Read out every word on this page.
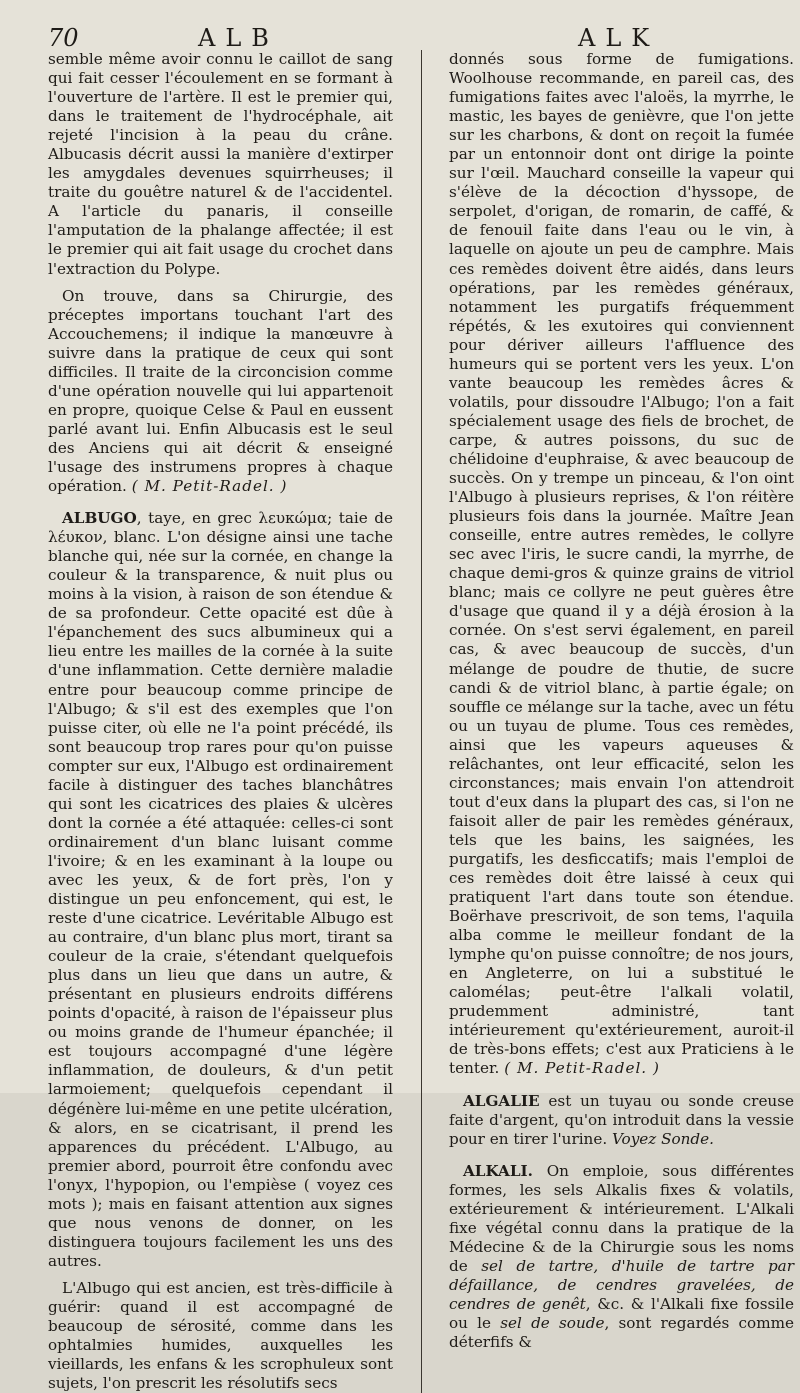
70	ALB	ALK

semble même avoir connu le caillot de sang qui fait cesser l'écoulement en se formant à l'ouverture de l'artère. Il est le premier qui, dans le traitement de l'hydrocéphale, ait rejeté l'incision à la peau du crâne. Albucasis décrit aussi la manière d'extirper les amygdales devenues squirrheuses; il traite du gouêtre naturel & de l'accidentel. A l'article du panaris, il conseille l'amputation de la phalange affectée; il est le premier qui ait fait usage du crochet dans l'extraction du Polype.

On trouve, dans sa Chirurgie, des préceptes importans touchant l'art des Accouchemens; il indique la manœuvre à suivre dans la pratique de ceux qui sont difficiles. Il traite de la circoncision comme d'une opération nouvelle qui lui appartenoit en propre, quoique Celse & Paul en eussent parlé avant lui. Enfin Albucasis est le seul des Anciens qui ait décrit & enseigné l'usage des instrumens propres à chaque opération. ( M. Petit-Radel. )

ALBUGO, taye, en grec λευκώμα; taie de λέυκον, blanc. L'on désigne ainsi une tache blanche qui, née sur la cornée, en change la couleur & la transparence, & nuit plus ou moins à la vision, à raison de son étendue & de sa profondeur. Cette opacité est dûe à l'épanchement des sucs albumineux qui a lieu entre les mailles de la cornée à la suite d'une inflammation. Cette dernière maladie entre pour beaucoup comme principe de l'Albugo; & s'il est des exemples que l'on puisse citer, où elle ne l'a point précédé, ils sont beaucoup trop rares pour qu'on puisse compter sur eux, l'Albugo est ordinairement facile à distinguer des taches blanchâtres qui sont les cicatrices des plaies & ulcères dont la cornée a été attaquée: celles-ci sont ordinairement d'un blanc luisant comme l'ivoire; & en les examinant à la loupe ou avec les yeux, & de fort près, l'on y distingue un peu enfoncement, qui est, le reste d'une cicatrice. Levéritable Albugo est au contraire, d'un blanc plus mort, tirant sa couleur de la craie, s'étendant quelquefois plus dans un lieu que dans un autre, & présentant en plusieurs endroits différens points d'opacité, à raison de l'épaisseur plus ou moins grande de l'humeur épanchée; il est toujours accompagné d'une légère inflammation, de douleurs, & d'un petit larmoiement; quelquefois cependant il dégénère lui-même en une petite ulcération, & alors, en se cicatrisant, il prend les apparences du précédent. L'Albugo, au premier abord, pourroit être confondu avec l'onyx, l'hypopion, ou l'empièse ( voyez ces mots ); mais en faisant attention aux signes que nous venons de donner, on les distinguera toujours facilement les uns des autres.

L'Albugo qui est ancien, est très-difficile à guérir: quand il est accompagné de beaucoup de sérosité, comme dans les ophtalmies humides, auxquelles les vieillards, les enfans & les scrophuleux sont sujets, l'on prescrit les résolutifs secs

donnés sous forme de fumigations. Woolhouse recommande, en pareil cas, des fumigations faites avec l'aloës, la myrrhe, le mastic, les bayes de genièvre, que l'on jette sur les charbons, & dont on reçoit la fumée par un entonnoir dont ont dirige la pointe sur l'œil. Mauchard conseille la vapeur qui s'élève de la décoction d'hyssope, de serpolet, d'origan, de romarin, de caffé, & de fenouil faite dans l'eau ou le vin, à laquelle on ajoute un peu de camphre. Mais ces remèdes doivent être aidés, dans leurs opérations, par les remèdes généraux, notamment les purgatifs fréquemment répétés, & les exutoires qui conviennent pour dériver ailleurs l'affluence des humeurs qui se portent vers les yeux. L'on vante beaucoup les remèdes âcres & volatils, pour dissoudre l'Albugo; l'on a fait spécialement usage des fiels de brochet, de carpe, & autres poissons, du suc de chélidoine d'euphraise, & avec beaucoup de succès. On y trempe un pinceau, & l'on oint l'Albugo à plusieurs reprises, & l'on réitère plusieurs fois dans la journée. Maître Jean conseille, entre autres remèdes, le collyre sec avec l'iris, le sucre candi, la myrrhe, de chaque demi-gros & quinze grains de vitriol blanc; mais ce collyre ne peut guères être d'usage que quand il y a déjà érosion à la cornée. On s'est servi également, en pareil cas, & avec beaucoup de succès, d'un mélange de poudre de thutie, de sucre candi & de vitriol blanc, à partie égale; on souffle ce mélange sur la tache, avec un fétu ou un tuyau de plume. Tous ces remèdes, ainsi que les vapeurs aqueuses & relâchantes, ont leur efficacité, selon les circonstances; mais envain l'on attendroit tout d'eux dans la plupart des cas, si l'on ne faisoit aller de pair les remèdes généraux, tels que les bains, les saignées, les purgatifs, les desficcatifs; mais l'emploi de ces remèdes doit être laissé à ceux qui pratiquent l'art dans toute son étendue. Boërhave prescrivoit, de son tems, l'aquila alba comme le meilleur fondant de la lymphe qu'on puisse connoître; de nos jours, en Angleterre, on lui a substitué le calomélas; peut-être l'alkali volatil, prudemment administré, tant intérieurement qu'extérieurement, auroit-il de très-bons effets; c'est aux Praticiens à le tenter. ( M. Petit-Radel. )

ALGALIE est un tuyau ou sonde creuse faite d'argent, qu'on introduit dans la vessie pour en tirer l'urine. Voyez Sonde.

ALKALI. On emploie, sous différentes formes, les sels Alkalis fixes & volatils, extérieurement & intérieurement. L'Alkali fixe végétal connu dans la pratique de la Médecine & de la Chirurgie sous les noms de sel de tartre, d'huile de tartre par défaillance, de cendres gravelées, de cendres de genêt, &c. & l'Alkali fixe fossile ou le sel de soude, sont regardés comme déterfifs &
